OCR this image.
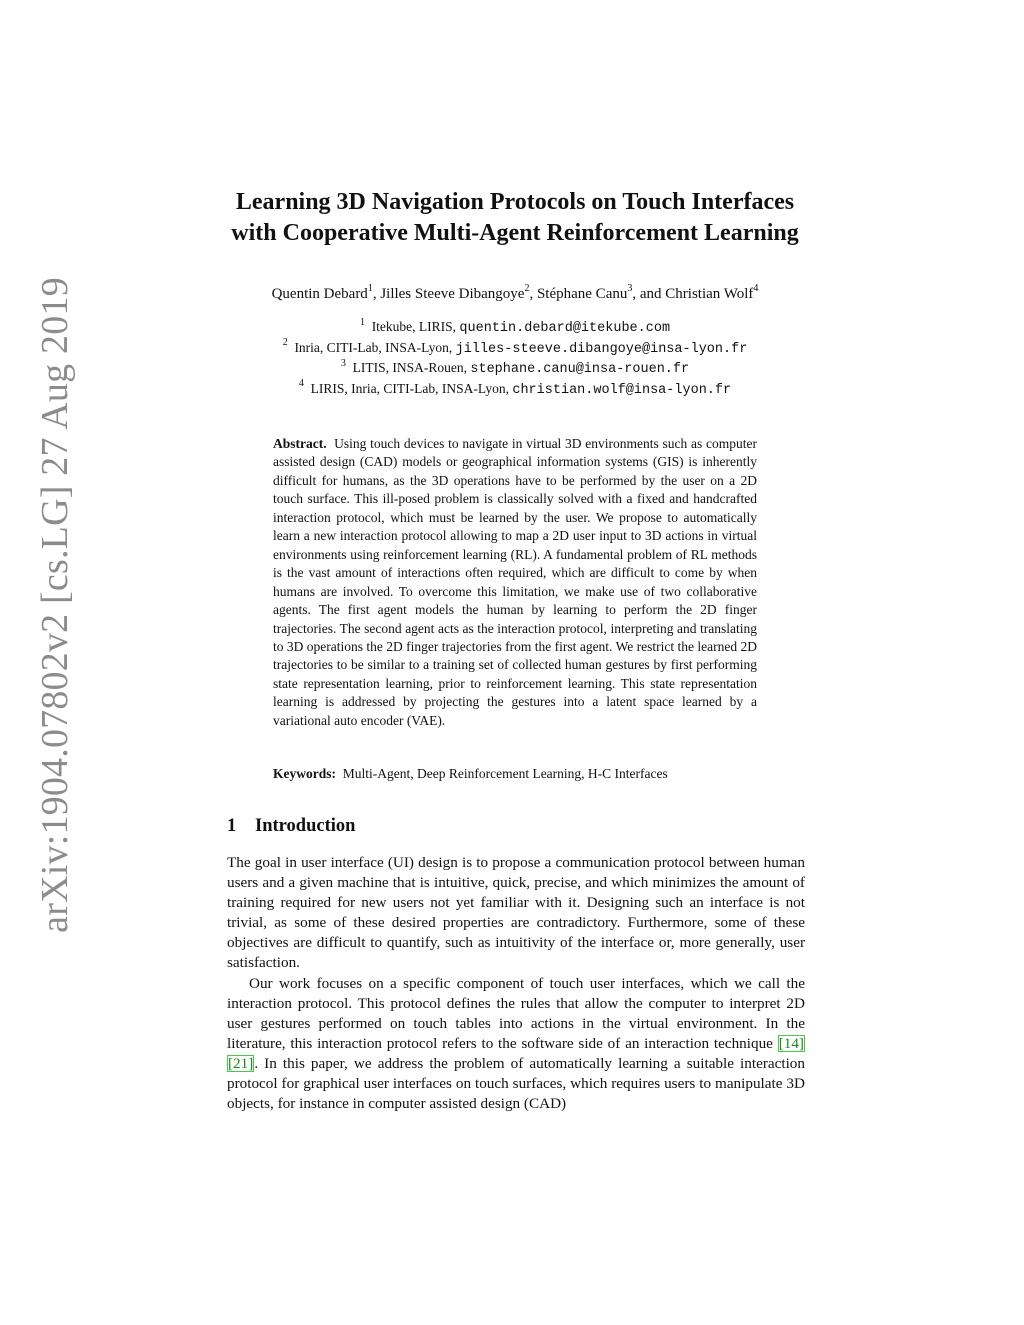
arXiv:1904.07802v2 [cs.LG] 27 Aug 2019
Learning 3D Navigation Protocols on Touch Interfaces
with Cooperative Multi-Agent Reinforcement Learning
Quentin Debard$^1$, Jilles Steeve Dibangoye$^2$, Stéphane Canu$^3$, and Christian Wolf$^4$
$^1$ Itekube, LIRIS, quentin.debard@itekube.com
$^2$ Inria, CITI-Lab, INSA-Lyon, jilles-steeve.dibangoye@insa-lyon.fr
$^3$ LITIS, INSA-Rouen, stephane.canu@insa-rouen.fr
$^4$ LIRIS, Inria, CITI-Lab, INSA-Lyon, christian.wolf@insa-lyon.fr
Abstract. Using touch devices to navigate in virtual 3D environments such as computer assisted design (CAD) models or geographical information systems (GIS) is inherently difficult for humans, as the 3D operations have to be performed by the user on a 2D touch surface. This ill-posed problem is classically solved with a fixed and handcrafted interaction protocol, which must be learned by the user. We propose to automatically learn a new interaction protocol allowing to map a 2D user input to 3D actions in virtual environments using reinforcement learning (RL). A fundamental problem of RL methods is the vast amount of interactions often required, which are difficult to come by when humans are involved. To overcome this limitation, we make use of two collaborative agents. The first agent models the human by learning to perform the 2D finger trajectories. The second agent acts as the interaction protocol, interpreting and translating to 3D operations the 2D finger trajectories from the first agent. We restrict the learned 2D trajectories to be similar to a training set of collected human gestures by first performing state representation learning, prior to reinforcement learning. This state representation learning is addressed by projecting the gestures into a latent space learned by a variational auto encoder (VAE).
Keywords: Multi-Agent, Deep Reinforcement Learning, H-C Interfaces
1 Introduction

The goal in user interface (UI) design is to propose a communication protocol between human users and a given machine that is intuitive, quick, precise, and which minimizes the amount of training required for new users not yet familiar with it. Designing such an interface is not trivial, as some of these desired properties are contradictory. Furthermore, some of these objectives are difficult to quantify, such as intuitivity of the interface or, more generally, user satisfaction.

Our work focuses on a specific component of touch user interfaces, which we call the interaction protocol. This protocol defines the rules that allow the computer to interpret 2D user gestures performed on touch tables into actions in the virtual environment. In the literature, this interaction protocol refers to the software side of an interaction technique [14][21]. In this paper, we address the problem of automatically learning a suitable interaction protocol for graphical user interfaces on touch surfaces, which requires users to manipulate 3D objects, for instance in computer assisted design (CAD)
